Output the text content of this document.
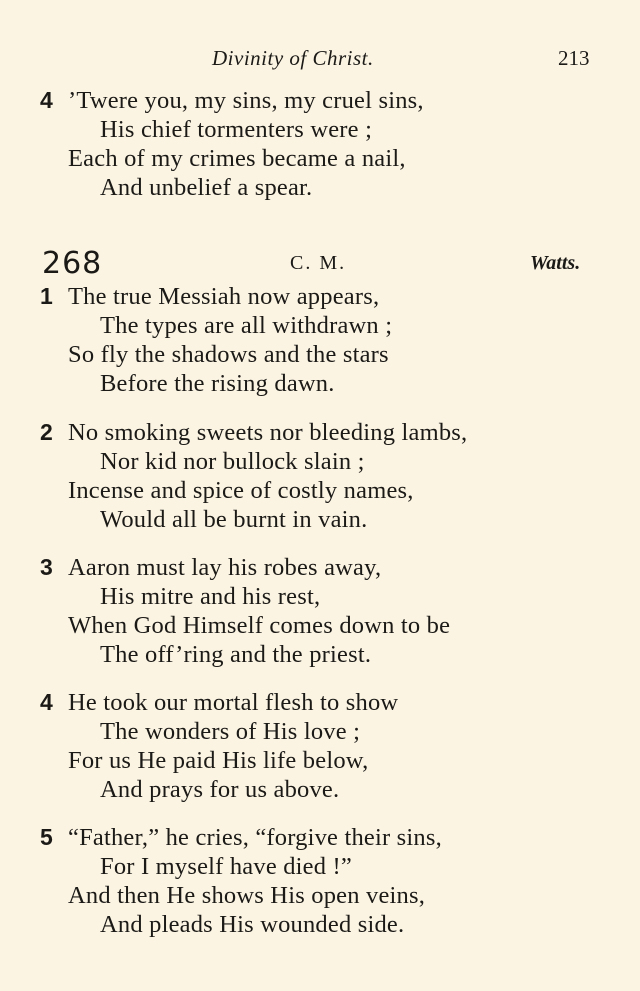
Divinity of Christ.	213
4 ’Twere you, my sins, my cruel sins,
His chief tormenters were ;
Each of my crimes became a nail,
And unbelief a spear.
268	C. M.	Watts.
1 The true Messiah now appears,
The types are all withdrawn ;
So fly the shadows and the stars
Before the rising dawn.
2 No smoking sweets nor bleeding lambs,
Nor kid nor bullock slain ;
Incense and spice of costly names,
Would all be burnt in vain.
3 Aaron must lay his robes away,
His mitre and his rest,
When God Himself comes down to be
The off’ring and the priest.
4 He took our mortal flesh to show
The wonders of His love ;
For us He paid His life below,
And prays for us above.
5 “Father,” he cries, “forgive their sins,
For I myself have died !”
And then He shows His open veins,
And pleads His wounded side.
